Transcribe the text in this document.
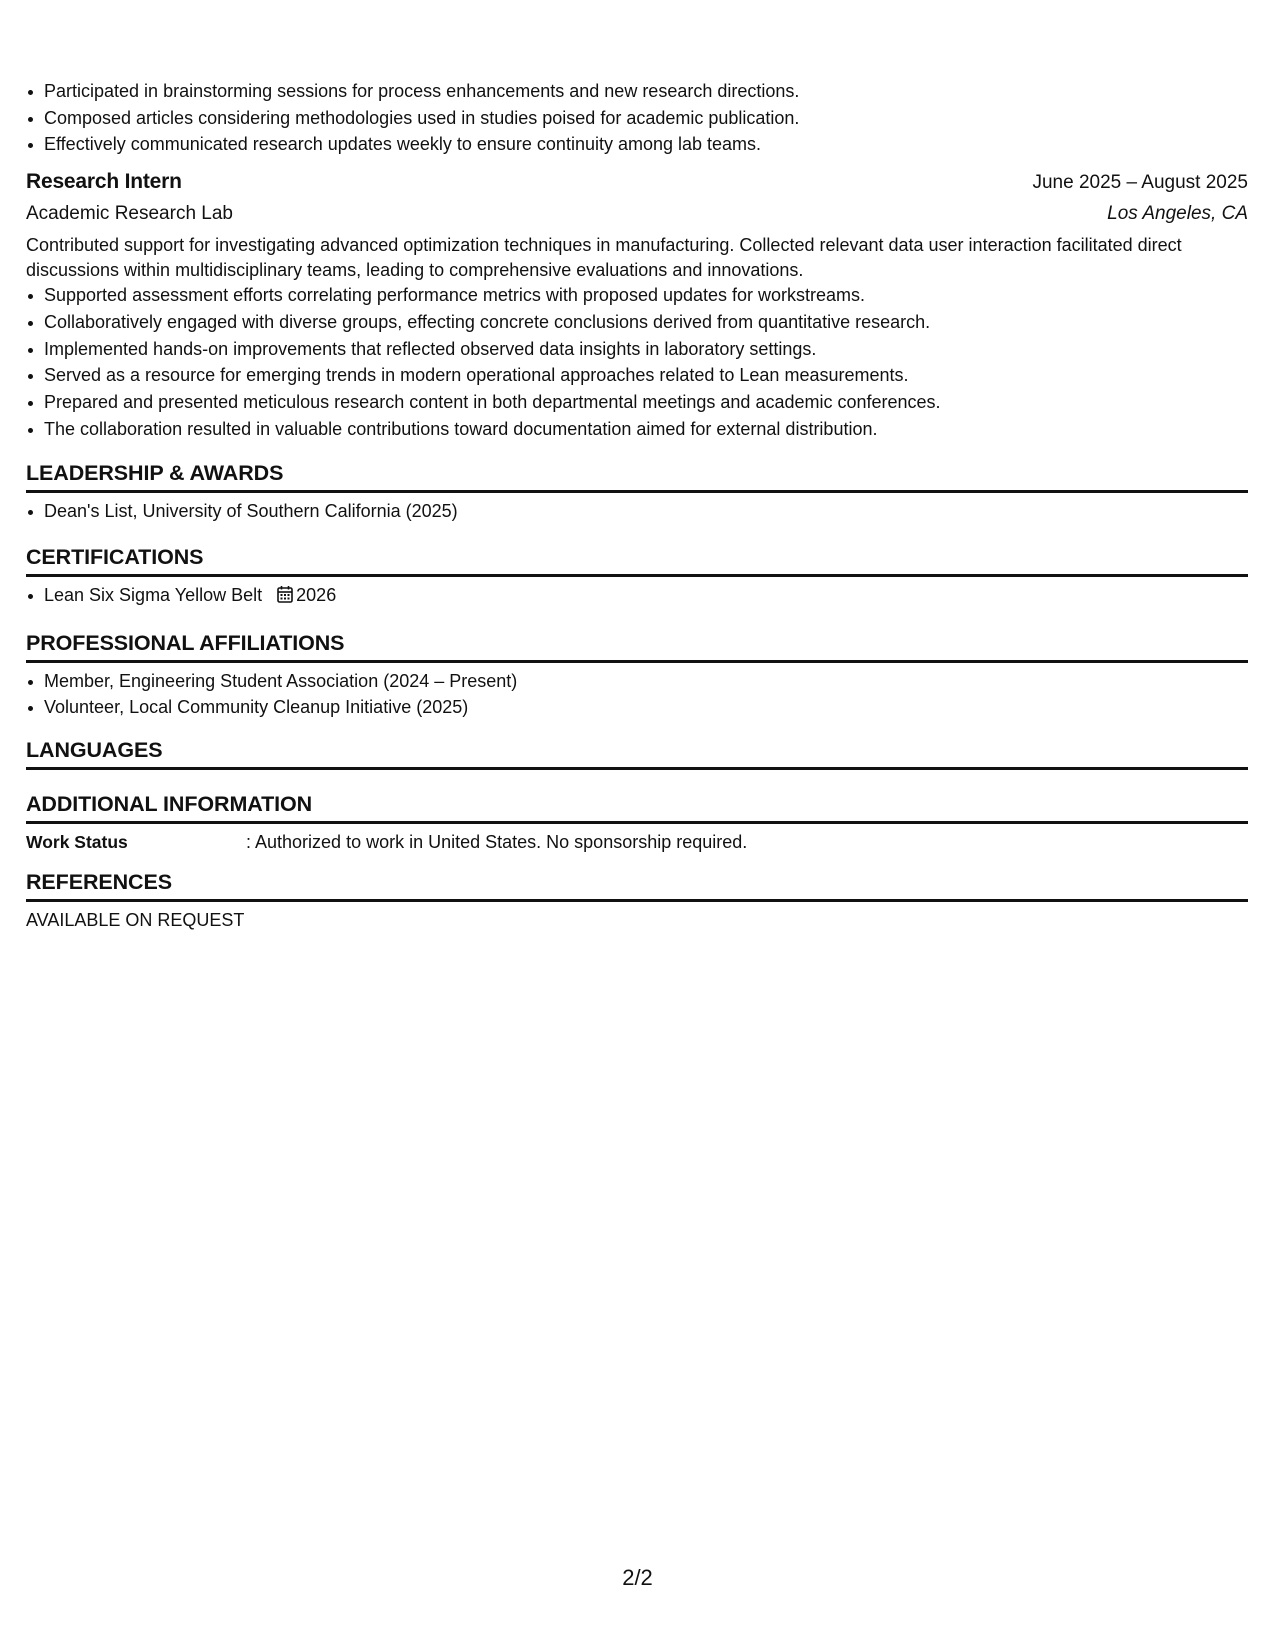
Participated in brainstorming sessions for process enhancements and new research directions.
Composed articles considering methodologies used in studies poised for academic publication.
Effectively communicated research updates weekly to ensure continuity among lab teams.
Research Intern	June 2025 – August 2025
Academic Research Lab	Los Angeles, CA
Contributed support for investigating advanced optimization techniques in manufacturing. Collected relevant data user interaction facilitated direct discussions within multidisciplinary teams, leading to comprehensive evaluations and innovations.
Supported assessment efforts correlating performance metrics with proposed updates for workstreams.
Collaboratively engaged with diverse groups, effecting concrete conclusions derived from quantitative research.
Implemented hands-on improvements that reflected observed data insights in laboratory settings.
Served as a resource for emerging trends in modern operational approaches related to Lean measurements.
Prepared and presented meticulous research content in both departmental meetings and academic conferences.
The collaboration resulted in valuable contributions toward documentation aimed for external distribution.
LEADERSHIP & AWARDS
Dean's List, University of Southern California (2025)
CERTIFICATIONS
Lean Six Sigma Yellow Belt 2026
PROFESSIONAL AFFILIATIONS
Member, Engineering Student Association (2024 – Present)
Volunteer, Local Community Cleanup Initiative (2025)
LANGUAGES
ADDITIONAL INFORMATION
Work Status	: Authorized to work in United States. No sponsorship required.
REFERENCES
AVAILABLE ON REQUEST
2/2
